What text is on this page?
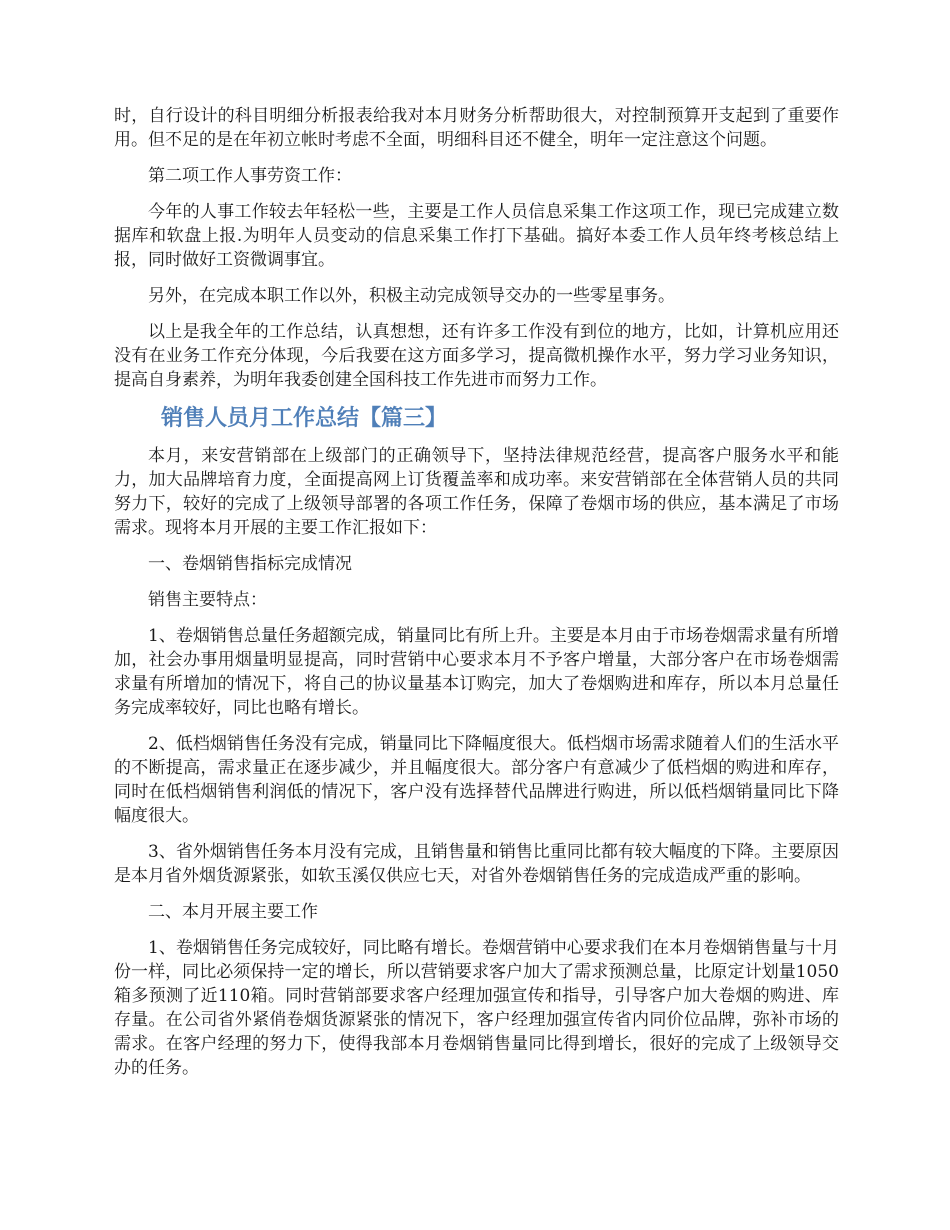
时，自行设计的科目明细分析报表给我对本月财务分析帮助很大，对控制预算开支起到了重要作用。但不足的是在年初立帐时考虑不全面，明细科目还不健全，明年一定注意这个问题。

第二项工作人事劳资工作：

今年的人事工作较去年轻松一些，主要是工作人员信息采集工作这项工作，现已完成建立数据库和软盘上报.为明年人员变动的信息采集工作打下基础。搞好本委工作人员年终考核总结上报，同时做好工资微调事宜。

另外，在完成本职工作以外，积极主动完成领导交办的一些零星事务。

以上是我全年的工作总结，认真想想，还有许多工作没有到位的地方，比如，计算机应用还没有在业务工作充分体现，今后我要在这方面多学习，提高微机操作水平，努力学习业务知识，提高自身素养，为明年我委创建全国科技工作先进市而努力工作。

销售人员月工作总结【篇三】

本月，来安营销部在上级部门的正确领导下，坚持法律规范经营，提高客户服务水平和能力，加大品牌培育力度，全面提高网上订货覆盖率和成功率。来安营销部在全体营销人员的共同努力下，较好的完成了上级领导部署的各项工作任务，保障了卷烟市场的供应，基本满足了市场需求。现将本月开展的主要工作汇报如下：

一、卷烟销售指标完成情况

销售主要特点：

1、卷烟销售总量任务超额完成，销量同比有所上升。主要是本月由于市场卷烟需求量有所增加，社会办事用烟量明显提高，同时营销中心要求本月不予客户增量，大部分客户在市场卷烟需求量有所增加的情况下，将自己的协议量基本订购完，加大了卷烟购进和库存，所以本月总量任务完成率较好，同比也略有增长。

2、低档烟销售任务没有完成，销量同比下降幅度很大。低档烟市场需求随着人们的生活水平的不断提高，需求量正在逐步减少，并且幅度很大。部分客户有意减少了低档烟的购进和库存，同时在低档烟销售利润低的情况下，客户没有选择替代品牌进行购进，所以低档烟销量同比下降幅度很大。

3、省外烟销售任务本月没有完成，且销售量和销售比重同比都有较大幅度的下降。主要原因是本月省外烟货源紧张，如软玉溪仅供应七天，对省外卷烟销售任务的完成造成严重的影响。

二、本月开展主要工作

1、卷烟销售任务完成较好，同比略有增长。卷烟营销中心要求我们在本月卷烟销售量与十月份一样，同比必须保持一定的增长，所以营销要求客户加大了需求预测总量，比原定计划量1050箱多预测了近110箱。同时营销部要求客户经理加强宣传和指导，引导客户加大卷烟的购进、库存量。在公司省外紧俏卷烟货源紧张的情况下，客户经理加强宣传省内同价位品牌，弥补市场的需求。在客户经理的努力下，使得我部本月卷烟销售量同比得到增长，很好的完成了上级领导交办的任务。
